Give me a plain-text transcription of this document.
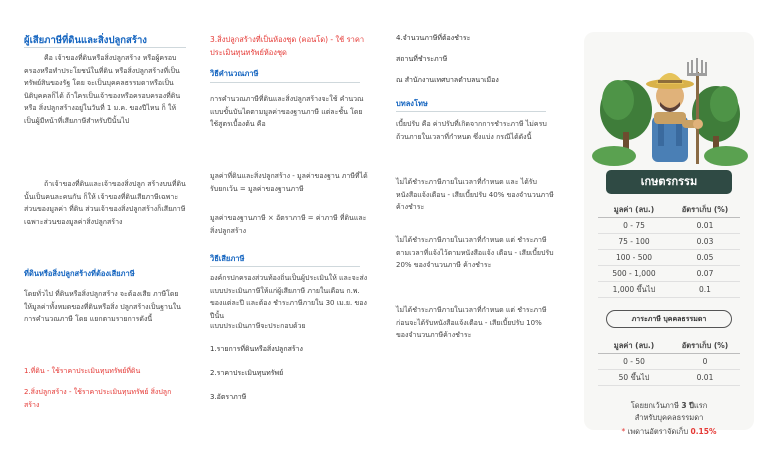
ผู้เสียภาษีที่ดินและสิ่งปลูกสร้าง
คือ เจ้าของที่ดินหรือสิ่งปลูกสร้าง หรือผู้ครอบครองหรือทำประโยชน์ในที่ดิน หรือสิ่งปลูกสร้างที่เป็นทรัพย์สินของรัฐ โดย จะเป็นบุคคลธรรมดาหรือเป็นนิติบุคคลก็ได้ ถ้าใครเป็นเจ้าของหรือครอบครองที่ดินหรือ สิ่งปลูกสร้างอยู่ในวันที่ 1 ม.ค. ของปีไหน ก็ ให้เป็นผู้มีหน้าที่เสียภาษีสำหรับปีนั้นไป
ถ้าเจ้าของที่ดินและเจ้าของสิ่งปลูก สร้างบนที่ดินนั้นเป็นคนละคนกัน ก็ให้ เจ้าของที่ดินเสียภาษีเฉพาะส่วนของมูลค่า ที่ดิน ส่วนเจ้าของสิ่งปลูกสร้างก็เสียภาษี เฉพาะส่วนของมูลค่าสิ่งปลูกสร้าง
ที่ดินหรือสิ่งปลูกสร้างที่ต้องเสียภาษี
โดยทั่วไป ที่ดินหรือสิ่งปลูกสร้าง จะต้องเสีย ภาษีโดยให้มูลค่าทั้งหมดของที่ดินหรือสิ่ง ปลูกสร้างเป็นฐานในการคำนวณภาษี โดย แยกตามรายการดังนี้
1.ที่ดิน - ใช้ราคาประเมินทุนทรัพย์ที่ดิน
2.สิ่งปลูกสร้าง - ใช้ราคาประเมินทุนทรัพย์ สิ่งปลูกสร้าง
3.สิ่งปลูกสร้างที่เป็นห้องชุด (คอนโด) - ใช้ ราคาประเมินทุนทรัพย์ห้องชุด
วิธีคำนวณภาษี
การคำนวณภาษีที่ดินและสิ่งปลูกสร้างจะใช้ คำนวณแบบขั้นบันไดตามมูลค่าของฐานภาษี แต่ละชั้น โดยใช้สูตรเบื้องต้น คือ
มูลค่าที่ดินและสิ่งปลูกสร้าง - มูลค่าของฐาน ภาษีที่ได้รับยกเว้น = มูลค่าของฐานภาษี
มูลค่าของฐานภาษี × อัตราภาษี = ค่าภาษี ที่ดินและสิ่งปลูกสร้าง
วิธีเสียภาษี
องค์กรปกครองส่วนท้องถิ่นเป็นผู้ประเมินให้ และจะส่งแบบประเมินภาษีให้แก่ผู้เสียภาษี ภายในเดือน ก.พ. ของแต่ละปี และต้อง ชำระภาษีภายใน 30 เม.ย. ของปีนั้น
แบบประเมินภาษีจะประกอบด้วย
1.รายการที่ดินหรือสิ่งปลูกสร้าง
2.ราคาประเมินทุนทรัพย์
3.อัตราภาษี
4.จำนวนภาษีที่ต้องชำระ
สถานที่ชำระภาษี
ณ สำนักงานเทศบาลตำบลนาเมือง
บทลงโทษ
เบี้ยปรับ คือ ค่าปรับที่เกิดจากการชำระภาษี ไม่ครบถ้วนภายในเวลาที่กำหนด ซึ่งแบ่ง กรณีได้ดังนี้
ไม่ได้ชำระภาษีภายในเวลาที่กำหนด และ ได้รับหนังสือแจ้งเตือน - เสียเบี้ยปรับ 40% ของจำนวนภาษีค้างชำระ
ไม่ได้ชำระภาษีภายในเวลาที่กำหนด แต่ ชำระภาษีตามเวลาที่แจ้งไว้ตามหนังสือแจ้ง เตือน - เสียเบี้ยปรับ 20% ของจำนวนภาษี ค้างชำระ
ไม่ได้ชำระภาษีภายในเวลาที่กำหนด แต่ ชำระภาษีก่อนจะได้รับหนังสือแจ้งเตือน - เสียเบี้ยปรับ 10% ของจำนวนภาษีค้างชำระ
เกษตรกรรม
มูลค่า (ลบ.)	อัตราเก็บ (%)
0 - 75	0.01
75 - 100	0.03
100 - 500	0.05
500 - 1,000	0.07
1,000 ขึ้นไป	0.1
ภาระภาษี บุคคลธรรมดา
มูลค่า (ลบ.)	อัตราเก็บ (%)
0 - 50	0
50 ขึ้นไป	0.01
โดยยกเว้นภาษี 3 ปีแรก
สำหรับบุคคลธรรมดา
* เพดานอัตราจัดเก็บ 0.15%
